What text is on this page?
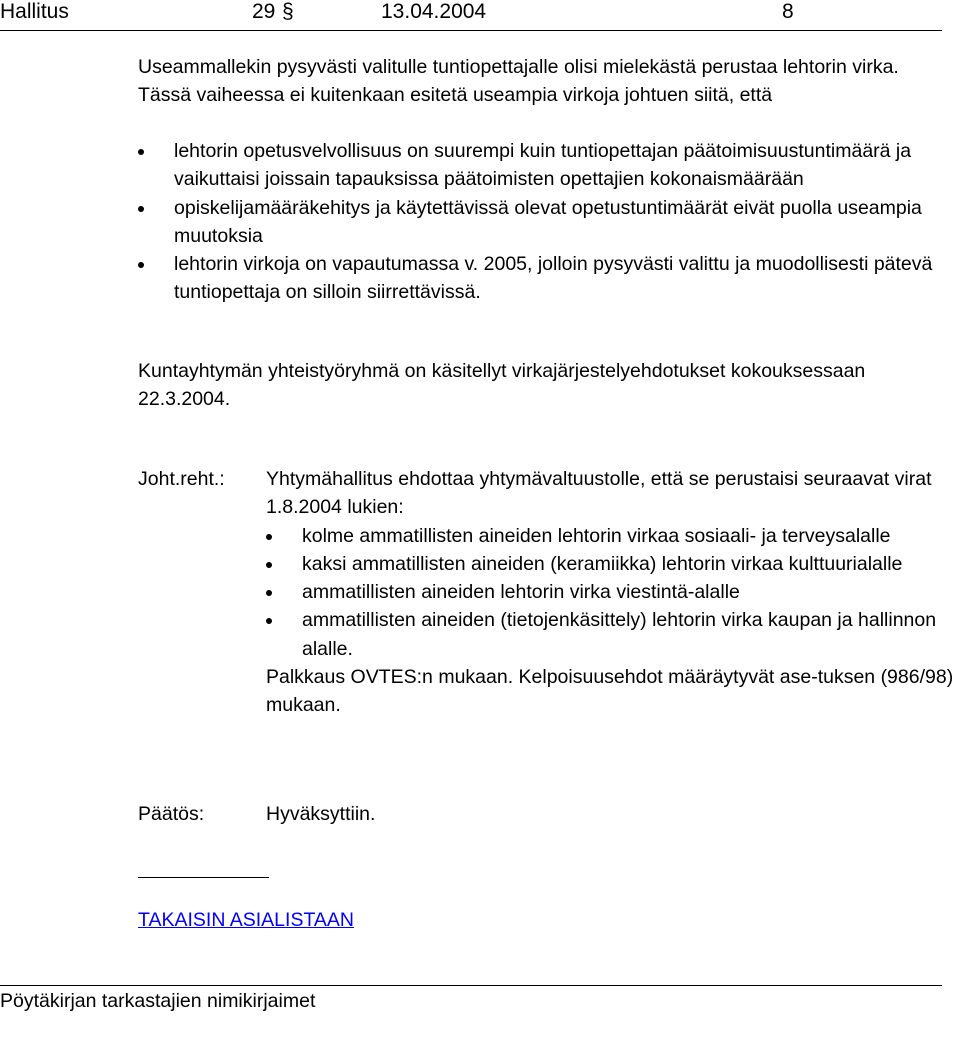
Hallitus	29 §	13.04.2004	8
Useammallekin pysyvästi valitulle tuntiopettajalle olisi mielekästä perustaa lehtorin virka. Tässä vaiheessa ei kuitenkaan esitetä useampia virkoja johtuen siitä, että
lehtorin opetusvelvollisuus on suurempi kuin tuntiopettajan päätoimisuustuntimäärä ja vaikuttaisi joissain tapauksissa päätoimisten opettajien kokonaismäärään
opiskelijamääräkehitys ja käytettävissä olevat opetustuntimäärät eivät puolla useampia muutoksia
lehtorin virkoja on vapautumassa v. 2005, jolloin pysyvästi valittu ja muodollisesti pätevä tuntiopettaja on silloin siirrettävissä.
Kuntayhtymän yhteistyöryhmä on käsitellyt virkajärjestelyehdotukset kokouksessaan 22.3.2004.
Joht.reht.: Yhtymähallitus ehdottaa yhtymävaltuustolle, että se perustaisi seuraavat virat 1.8.2004 lukien:
kolme ammatillisten aineiden lehtorin virkaa sosiaali- ja terveysalalle
kaksi ammatillisten aineiden (keramiikka) lehtorin virkaa kulttuurialalle
ammatillisten aineiden lehtorin virka viestintä-alalle
ammatillisten aineiden (tietojenkäsittely) lehtorin virka kaupan ja hallinnon alalle.
Palkkaus OVTES:n mukaan. Kelpoisuusehdot määräytyvät ase-tuksen (986/98) mukaan.
Päätös:	Hyväksyttiin.
TAKAISIN ASIALISTAAN
Pöytäkirjan tarkastajien nimikirjaimet
